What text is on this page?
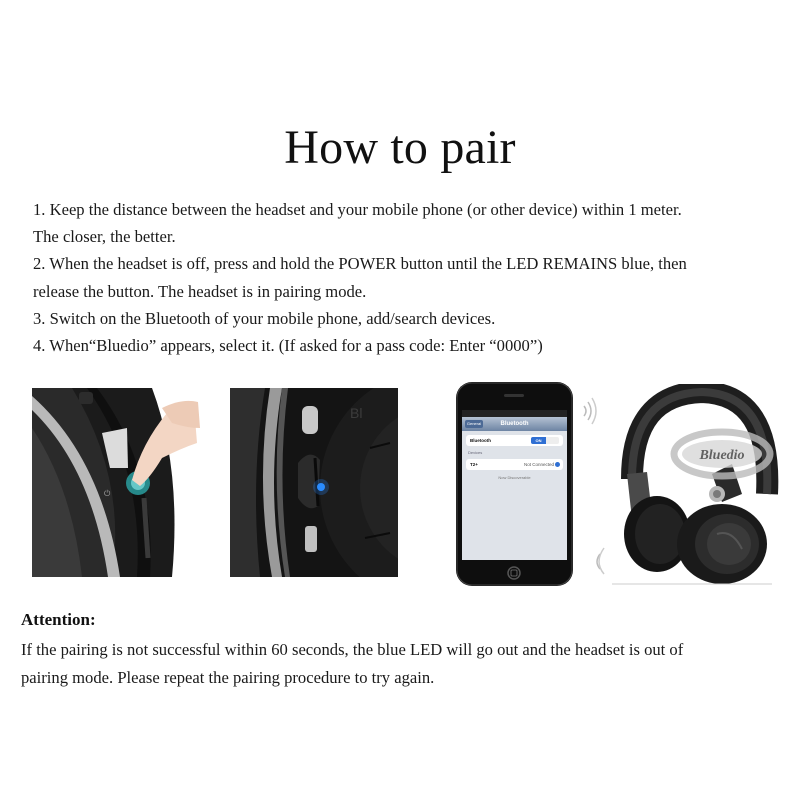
How to pair

1. Keep the distance between the headset and your mobile phone (or other device) within 1 meter.

The closer, the better.

2. When the headset is off, press and hold the POWER button until the LED REMAINS blue, then

release the button. The headset is in pairing mode.

3. Switch on the Bluetooth of your mobile phone, add/search devices.

4. When“Bluedio” appears, select it. (If asked for a pass code: Enter “0000”)

⏻
Bl
General	Bluetooth
Bluetooth	ON
Devices
T2+	Not Connected
Now Discoverable
Bluedio
Attention:

If the pairing is not successful within 60 seconds, the blue LED will go out and the headset is out of

pairing mode. Please repeat the pairing procedure to try again.
